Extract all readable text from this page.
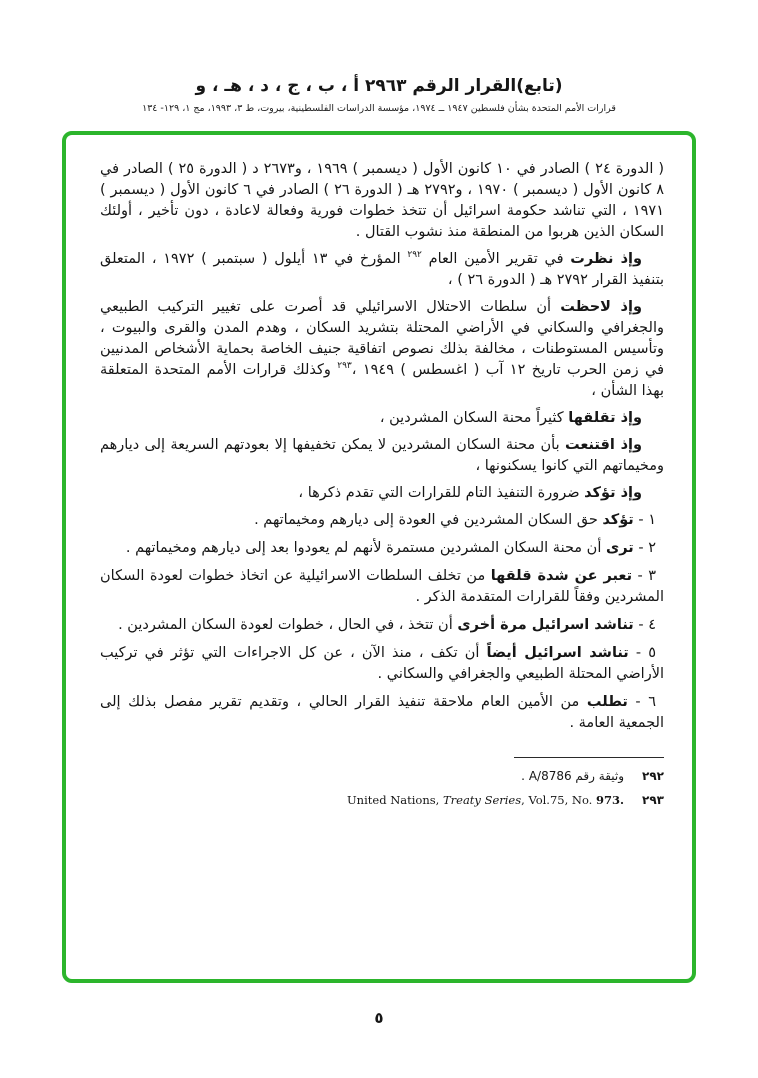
(تابع)القرار الرقم ٢٩٦٣ أ ، ب ، ج ، د ، هـ ، و
قرارات الأمم المتحدة بشأن فلسطين ١٩٤٧ ــ ١٩٧٤، مؤسسة الدراسات الفلسطينية، بيروت، ط ٣، ١٩٩٣، مج ١، ١٢٩- ١٣٤

( الدورة ٢٤ ) الصادر في ١٠ كانون الأول ( ديسمبر ) ١٩٦٩ ، و٢٦٧٣ د ( الدورة ٢٥ ) الصادر في ٨ كانون الأول ( ديسمبر ) ١٩٧٠ ، و٢٧٩٢ هـ ( الدورة ٢٦ ) الصادر في ٦ كانون الأول ( ديسمبر ) ١٩٧١ ، التي تناشد حكومة اسرائيل أن تتخذ خطوات فورية وفعالة لاعادة ، دون تأخير ، أولئك السكان الذين هربوا من المنطقة منذ نشوب القتال .

وإذ نظرت في تقرير الأمين العام $^{٢٩٢}$ المؤرخ في ١٣ أيلول ( سبتمبر ) ١٩٧٢ ، المتعلق بتنفيذ القرار ٢٧٩٢ هـ ( الدورة ٢٦ ) ،

وإذ لاحظت أن سلطات الاحتلال الاسرائيلي قد أصرت على تغيير التركيب الطبيعي والجغرافي والسكاني في الأراضي المحتلة بتشريد السكان ، وهدم المدن والقرى والبيوت ، وتأسيس المستوطنات ، مخالفة بذلك نصوص اتفاقية جنيف الخاصة بحماية الأشخاص المدنيين في زمن الحرب تاريخ ١٢ آب ( اغسطس ) ١٩٤٩ ،$^{٢٩٣}$ وكذلك قرارات الأمم المتحدة المتعلقة بهذا الشأن ،

وإذ تقلقها كثيراً محنة السكان المشردين ،

وإذ اقتنعت بأن محنة السكان المشردين لا يمكن تخفيفها إلا بعودتهم السريعة إلى ديارهم ومخيماتهم التي كانوا يسكنونها ،

وإذ تؤكد ضرورة التنفيذ التام للقرارات التي تقدم ذكرها ،

١ - تؤكد حق السكان المشردين في العودة إلى ديارهم ومخيماتهم .

٢ - ترى أن محنة السكان المشردين مستمرة لأنهم لم يعودوا بعد إلى ديارهم ومخيماتهم .

٣ - تعبر عن شدة قلقها من تخلف السلطات الاسرائيلية عن اتخاذ خطوات لعودة السكان المشردين وفقاً للقرارات المتقدمة الذكر .

٤ - تناشد اسرائيل مرة أخرى أن تتخذ ، في الحال ، خطوات لعودة السكان المشردين .

٥ - تناشد اسرائيل أيضاً أن تكف ، منذ الآن ، عن كل الاجراءات التي تؤثر في تركيب الأراضي المحتلة الطبيعي والجغرافي والسكاني .

٦ - تطلب من الأمين العام ملاحقة تنفيذ القرار الحالي ، وتقديم تقرير مفصل بذلك إلى الجمعية العامة .

٢٩٢وثيقة رقم A/8786 .
٢٩٣United Nations, Treaty Series, Vol.75, No. 973.
٥
